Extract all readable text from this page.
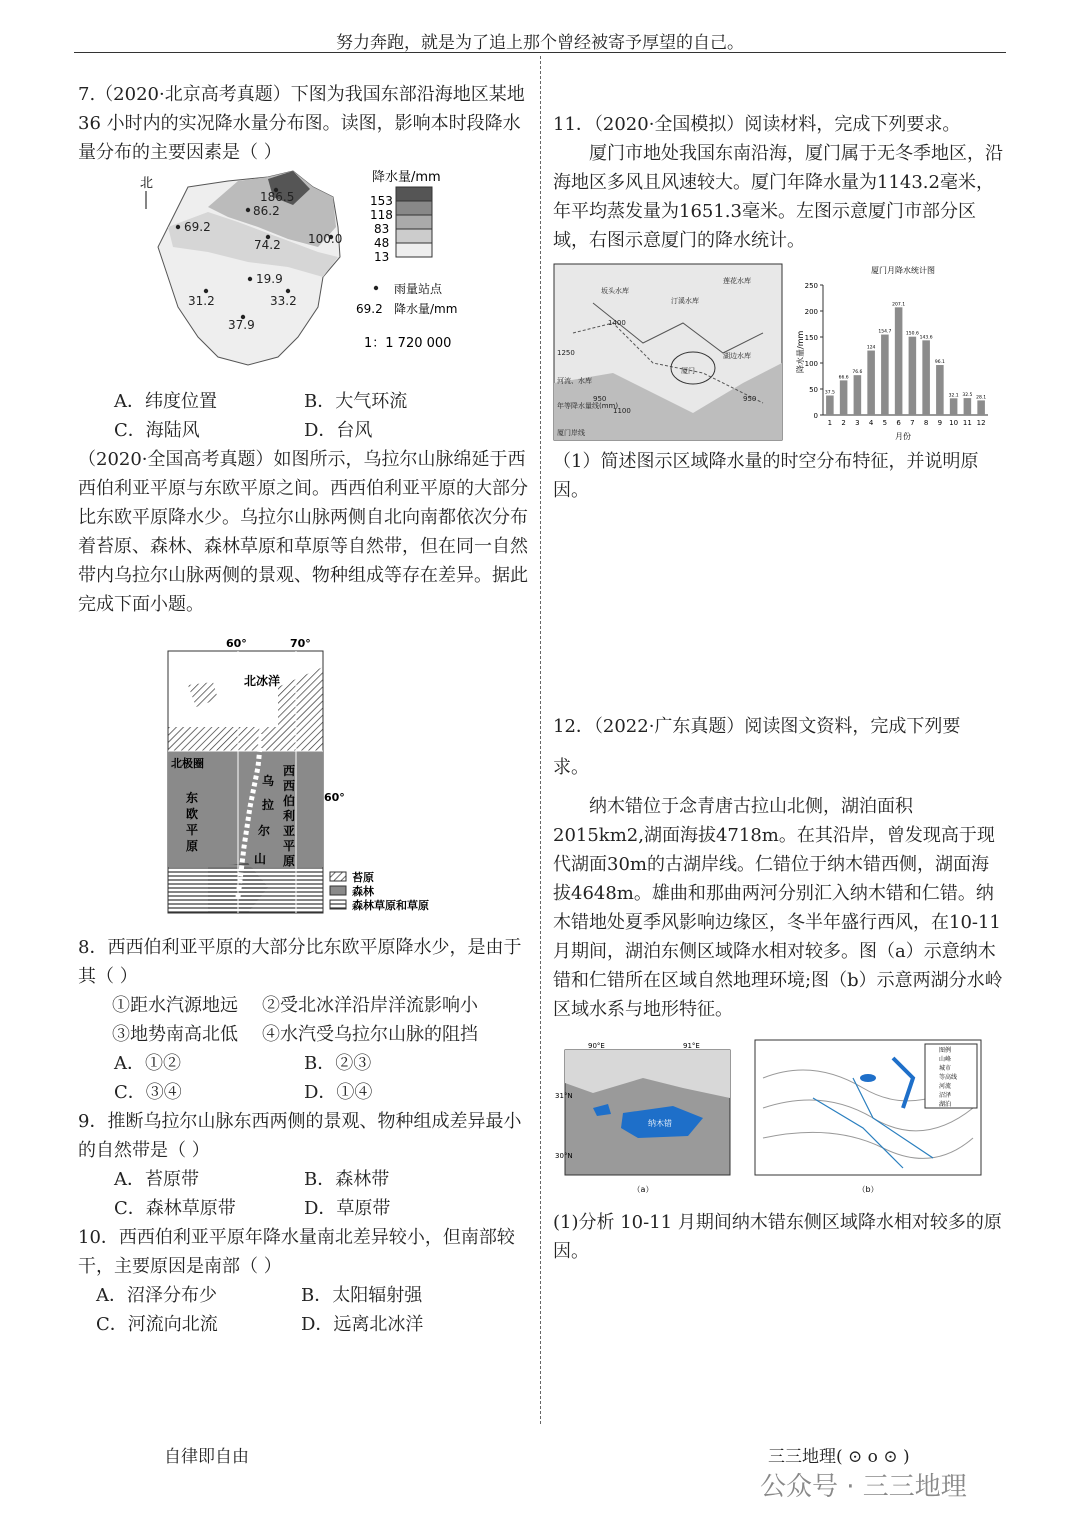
努力奔跑，就是为了追上那个曾经被寄予厚望的自己。

7.（2020·北京高考真题）下图为我国东部沿海地区某地 36 小时内的实况降水量分布图。读图，影响本时段降水量分布的主要因素是（ ）

北
186.5
86.2
69.2
74.2 100.0
19.9
31.2	33.2
37.9
降水量/mm
153
118
83
48
13
雨量站点
69.2 降水量/mm
1：1 720 000
A．纬度位置	B．大气环流
C．海陆风	D．台风

（2020·全国高考真题）如图所示，乌拉尔山脉绵延于西西伯利亚平原与东欧平原之间。西西伯利亚平原的大部分比东欧平原降水少。乌拉尔山脉两侧自北向南都依次分布着苔原、森林、森林草原和草原等自然带，但在同一自然带内乌拉尔山脉两侧的景观、物种组成等存在差异。据此完成下面小题。

60°	70°
北冰洋
北极圈
东
欧
平
原
乌
拉
尔
山
西
西
伯
利
亚
平
原
60°
苔原
森林
森林草原和草原

8．西西伯利亚平原的大部分比东欧平原降水少，是由于其（ ）

①距水汽源地远 ②受北冰洋沿岸洋流影响小
③地势南高北低 ④水汽受乌拉尔山脉的阻挡
A．①②	B．②③
C．③④	D．①④

9．推断乌拉尔山脉东西两侧的景观、物种组成差异最小的自然带是（ ）

A．苔原带	B．森林带
C．森林草原带	D．草原带

10．西西伯利亚平原年降水量南北差异较小，但南部较干，主要原因是南部（ ）

A．沼泽分布少	B．太阳辐射强
C．河流向北流	D．远离北冰洋

11．（2020·全国模拟）阅读材料，完成下列要求。

厦门市地处我国东南沿海，厦门属于无冬季地区，沿海地区多风且风速较大。厦门年降水量为1143.2毫米，年平均蒸发量为1651.3毫米。左图示意厦门市部分区域，右图示意厦门的降水统计。

坂头水库
汀溪水库
莲花水库
1400
1250
厦门
湖边水库
950	950
1100
河流、水库
年等降水量线(mm)
厦门岸线
厦门月降水统计图
降水量/mm
月份
0
50
100
150
200
250
37.5
1
66.6
2
76.6
3
124
4
154.7
5
207.1
6
150.6
7
143.6
8
96.1
9
32.1
10
32.5
11
28.1
12

（1）简述图示区域降水量的时空分布特征，并说明原因。

12．（2022·广东真题）阅读图文资料，完成下列要

求。

纳木错位于念青唐古拉山北侧，湖泊面积2015km2,湖面海拔4718m。在其沿岸，曾发现高于现代湖面30m的古湖岸线。仁错位于纳木错西侧，湖面海拔4648m。雄曲和那曲两河分别汇入纳木错和仁错。纳木错地处夏季风影响边缘区，冬半年盛行西风，在10-11月期间，湖泊东侧区域降水相对较多。图（a）示意纳木错和仁错所在区域自然地理环境;图（b）示意两湖分水岭区域水系与地形特征。

纳木错
90°E	91°E
31°N
30°N
（a）
图例
山峰
城市
等高线
河流
沼泽
湖泊
（b）

(1)分析 10-11 月期间纳木错东侧区域降水相对较多的原因。

自律即自由	三三地理( ⊙ o ⊙ )
公众号 · 三三地理
